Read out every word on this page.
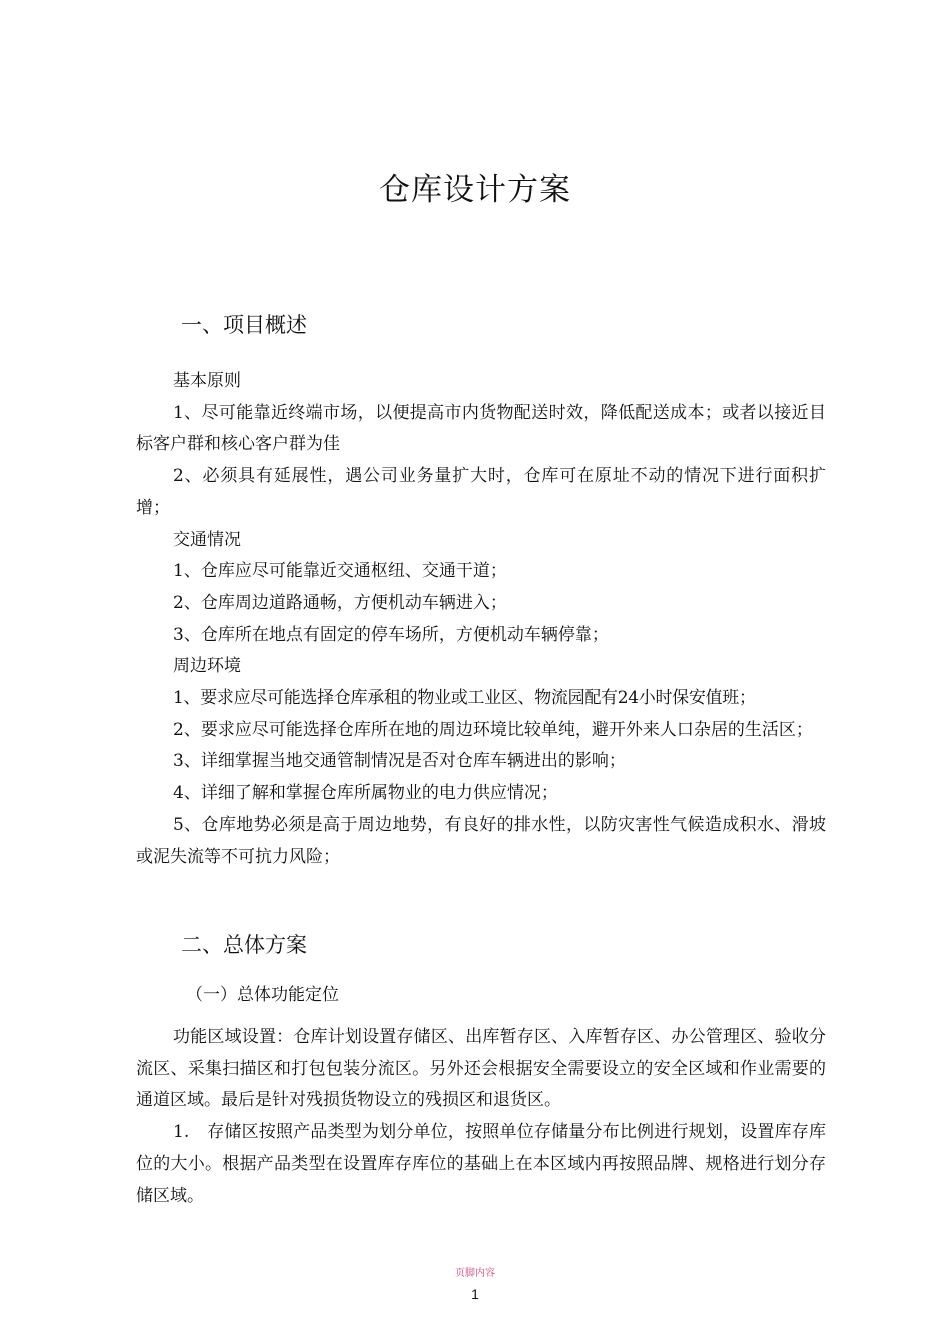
仓库设计方案
一、项目概述

基本原则

1、尽可能靠近终端市场，以便提高市内货物配送时效，降低配送成本；或者以接近目标客户群和核心客户群为佳

2、必须具有延展性，遇公司业务量扩大时，仓库可在原址不动的情况下进行面积扩增；

交通情况

1、仓库应尽可能靠近交通枢纽、交通干道；

2、仓库周边道路通畅，方便机动车辆进入；

3、仓库所在地点有固定的停车场所，方便机动车辆停靠；

周边环境

1、要求应尽可能选择仓库承租的物业或工业区、物流园配有24小时保安值班；

2、要求应尽可能选择仓库所在地的周边环境比较单纯，避开外来人口杂居的生活区；

3、详细掌握当地交通管制情况是否对仓库车辆进出的影响；

4、详细了解和掌握仓库所属物业的电力供应情况；

5、仓库地势必须是高于周边地势，有良好的排水性，以防灾害性气候造成积水、滑坡或泥失流等不可抗力风险；

二、总体方案
（一）总体功能定位

功能区域设置：仓库计划设置存储区、出库暂存区、入库暂存区、办公管理区、验收分流区、采集扫描区和打包包装分流区。另外还会根据安全需要设立的安全区域和作业需要的通道区域。最后是针对残损货物设立的残损区和退货区。

1. 存储区按照产品类型为划分单位，按照单位存储量分布比例进行规划，设置库存库位的大小。根据产品类型在设置库存库位的基础上在本区域内再按照品牌、规格进行划分存储区域。

页脚内容
1
